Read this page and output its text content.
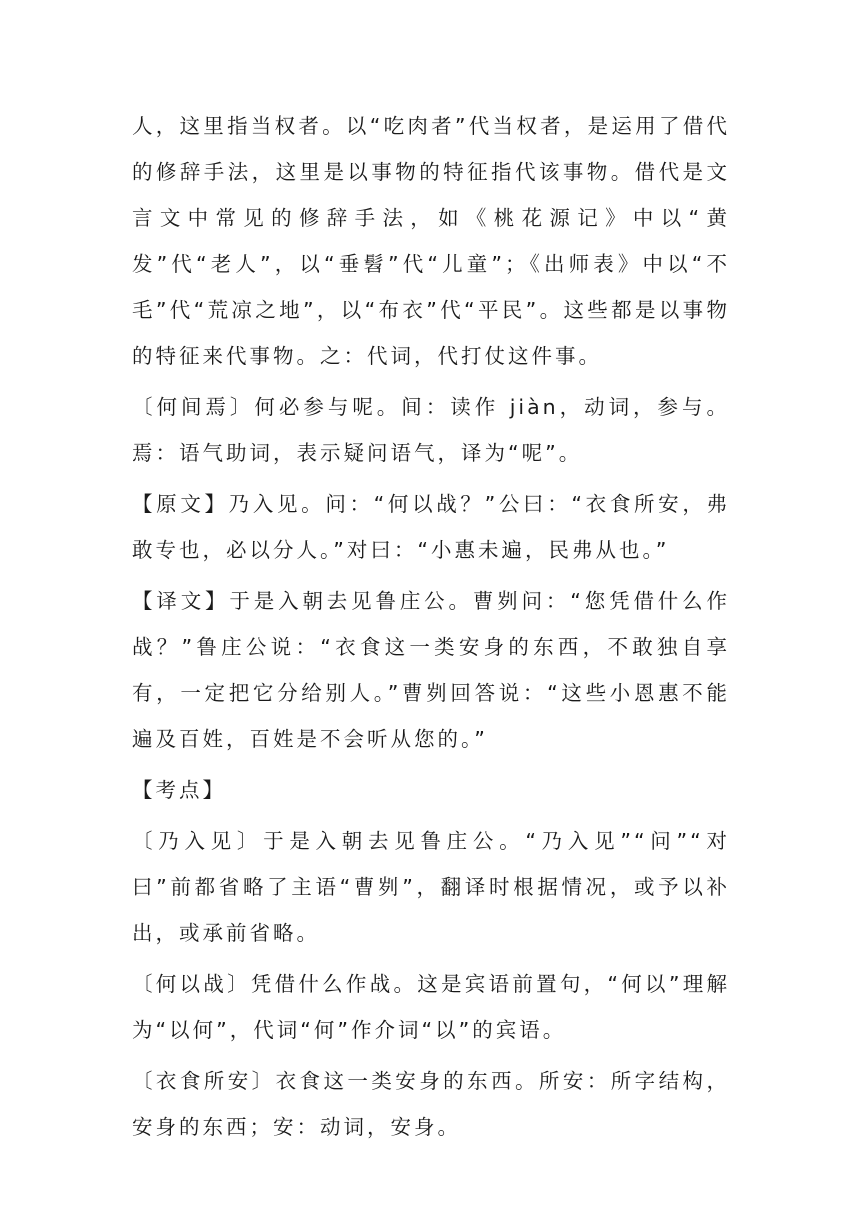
人，这里指当权者。以“吃肉者”代当权者，是运用了借代的修辞手法，这里是以事物的特征指代该事物。借代是文言文中常见的修辞手法，如《桃花源记》中以“黄发”代“老人”，以“垂髫”代“儿童”；《出师表》中以“不毛”代“荒凉之地”，以“布衣”代“平民”。这些都是以事物的特征来代事物。之：代词，代打仗这件事。

〔何间焉〕何必参与呢。间：读作 jiàn，动词，参与。焉：语气助词，表示疑问语气，译为“呢”。

【原文】乃入见。问：“何以战？”公曰：“衣食所安，弗敢专也，必以分人。”对曰：“小惠未遍，民弗从也。”

【译文】于是入朝去见鲁庄公。曹刿问：“您凭借什么作战？”鲁庄公说：“衣食这一类安身的东西，不敢独自享有，一定把它分给别人。”曹刿回答说：“这些小恩惠不能遍及百姓，百姓是不会听从您的。”

【考点】

〔乃入见〕于是入朝去见鲁庄公。“乃入见”“问”“对曰”前都省略了主语“曹刿”，翻译时根据情况，或予以补出，或承前省略。

〔何以战〕凭借什么作战。这是宾语前置句，“何以”理解为“以何”，代词“何”作介词“以”的宾语。

〔衣食所安〕衣食这一类安身的东西。所安：所字结构，安身的东西；安：动词，安身。
